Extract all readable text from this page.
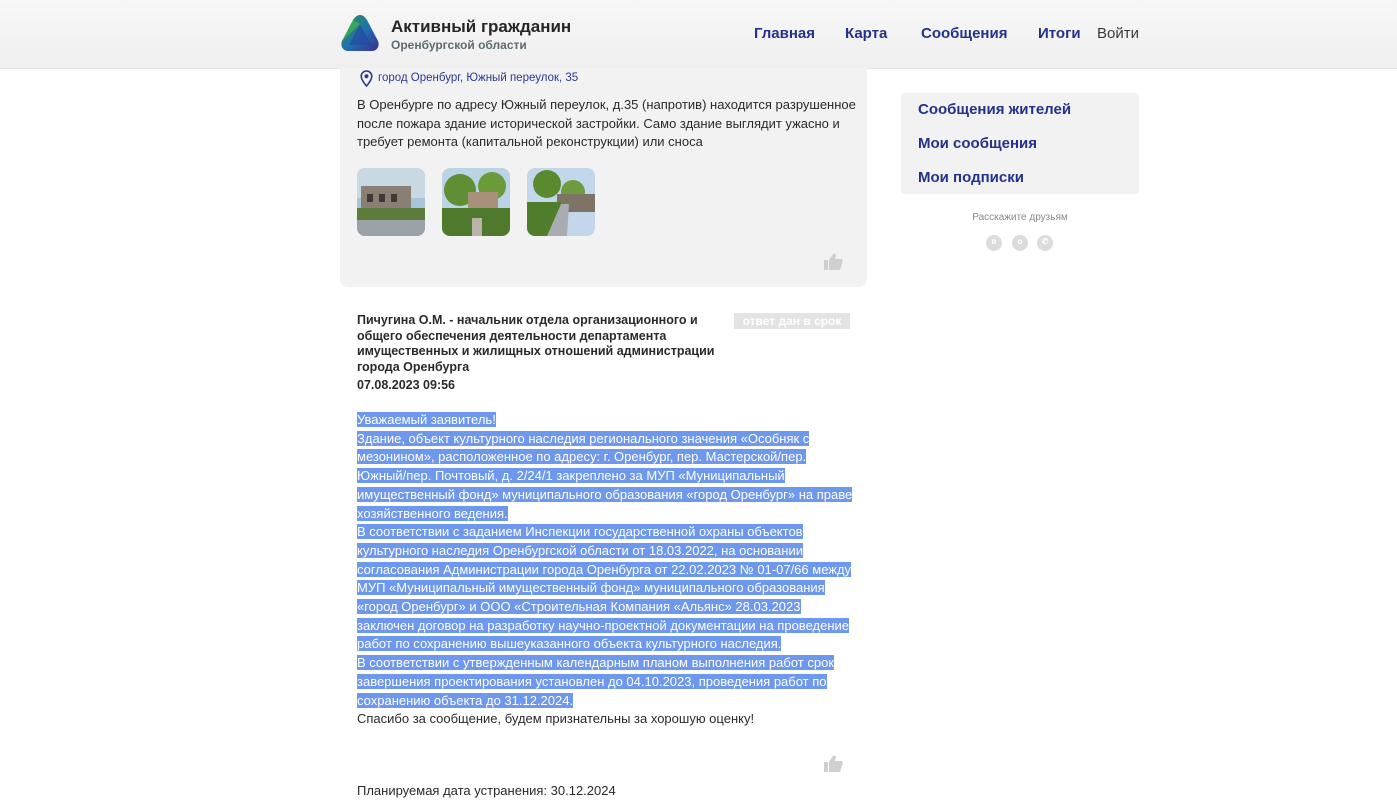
Активный гражданин
Оренбургской области
Главная Карта Сообщения Итоги Войти
город Оренбург, Южный переулок, 35
В Оренбурге по адресу Южный переулок, д.35 (напротив) находится разрушенное после пожара здание исторической застройки. Само здание выглядит ужасно и требует ремонта (капитальной реконструкции) или сноса
Сообщения жителей
Мои сообщения
Мои подписки
Расскажите друзьям
в	о	✆
Пичугина О.М. - начальник отдела организационного и общего обеспечения деятельности департамента имущественных и жилищных отношений администрации города Оренбурга
ответ дан в срок
07.08.2023 09:56
Уважаемый заявитель!
Здание, объект культурного наследия регионального значения «Особняк с мезонином», расположенное по адресу: г. Оренбург, пер. Мастерской/пер. Южный/пер. Почтовый, д. 2/24/1 закреплено за МУП «Муниципальный имущественный фонд» муниципального образования «город Оренбург» на праве хозяйственного ведения.
В соответствии с заданием Инспекции государственной охраны объектов культурного наследия Оренбургской области от 18.03.2022, на основании согласования Администрации города Оренбурга от 22.02.2023 № 01-07/66 между МУП «Муниципальный имущественный фонд» муниципального образования «город Оренбург» и ООО «Строительная Компания «Альянс» 28.03.2023 заключен договор на разработку научно-проектной документации на проведение работ по сохранению вышеуказанного объекта культурного наследия.
В соответствии с утвержденным календарным планом выполнения работ срок завершения проектирования установлен до 04.10.2023, проведения работ по сохранению объекта до 31.12.2024.
Спасибо за сообщение, будем признательны за хорошую оценку!
Планируемая дата устранения: 30.12.2024
